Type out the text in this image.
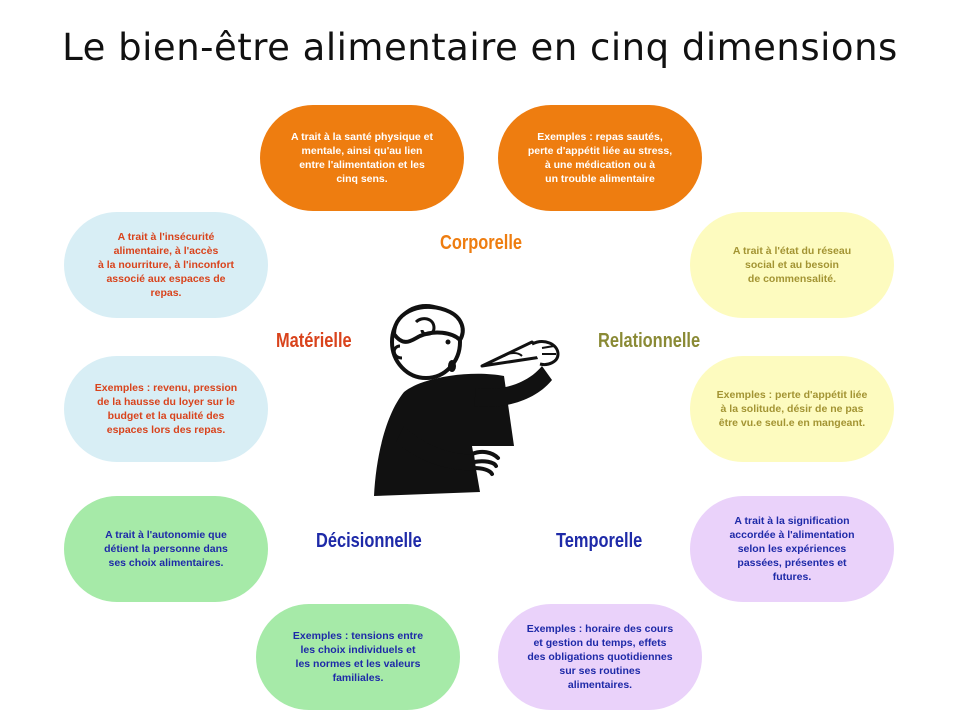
Le bien-être alimentaire en cinq dimensions
A trait à la santé physique et
mentale, ainsi qu'au lien
entre l'alimentation et les
cinq sens.
Exemples : repas sautés,
perte d'appétit liée au stress,
à une médication ou à
un trouble alimentaire
A trait à l'insécurité
alimentaire, à l'accès
à la nourriture, à l'inconfort
associé aux espaces de
repas.
Exemples : revenu, pression
de la hausse du loyer sur le
budget et la qualité des
espaces lors des repas.
A trait à l'état du réseau
social et au besoin
de commensalité.
Exemples : perte d'appétit liée
à la solitude, désir de ne pas
être vu.e seul.e en mangeant.
A trait à l'autonomie que
détient la personne dans
ses choix alimentaires.
Exemples : tensions entre
les choix individuels et
les normes et les valeurs
familiales.
A trait à la signification
accordée à l'alimentation
selon les expériences
passées, présentes et
futures.
Exemples : horaire des cours
et gestion du temps, effets
des obligations quotidiennes
sur ses routines
alimentaires.
Corporelle
Matérielle	Relationnelle
Décisionnelle	Temporelle
